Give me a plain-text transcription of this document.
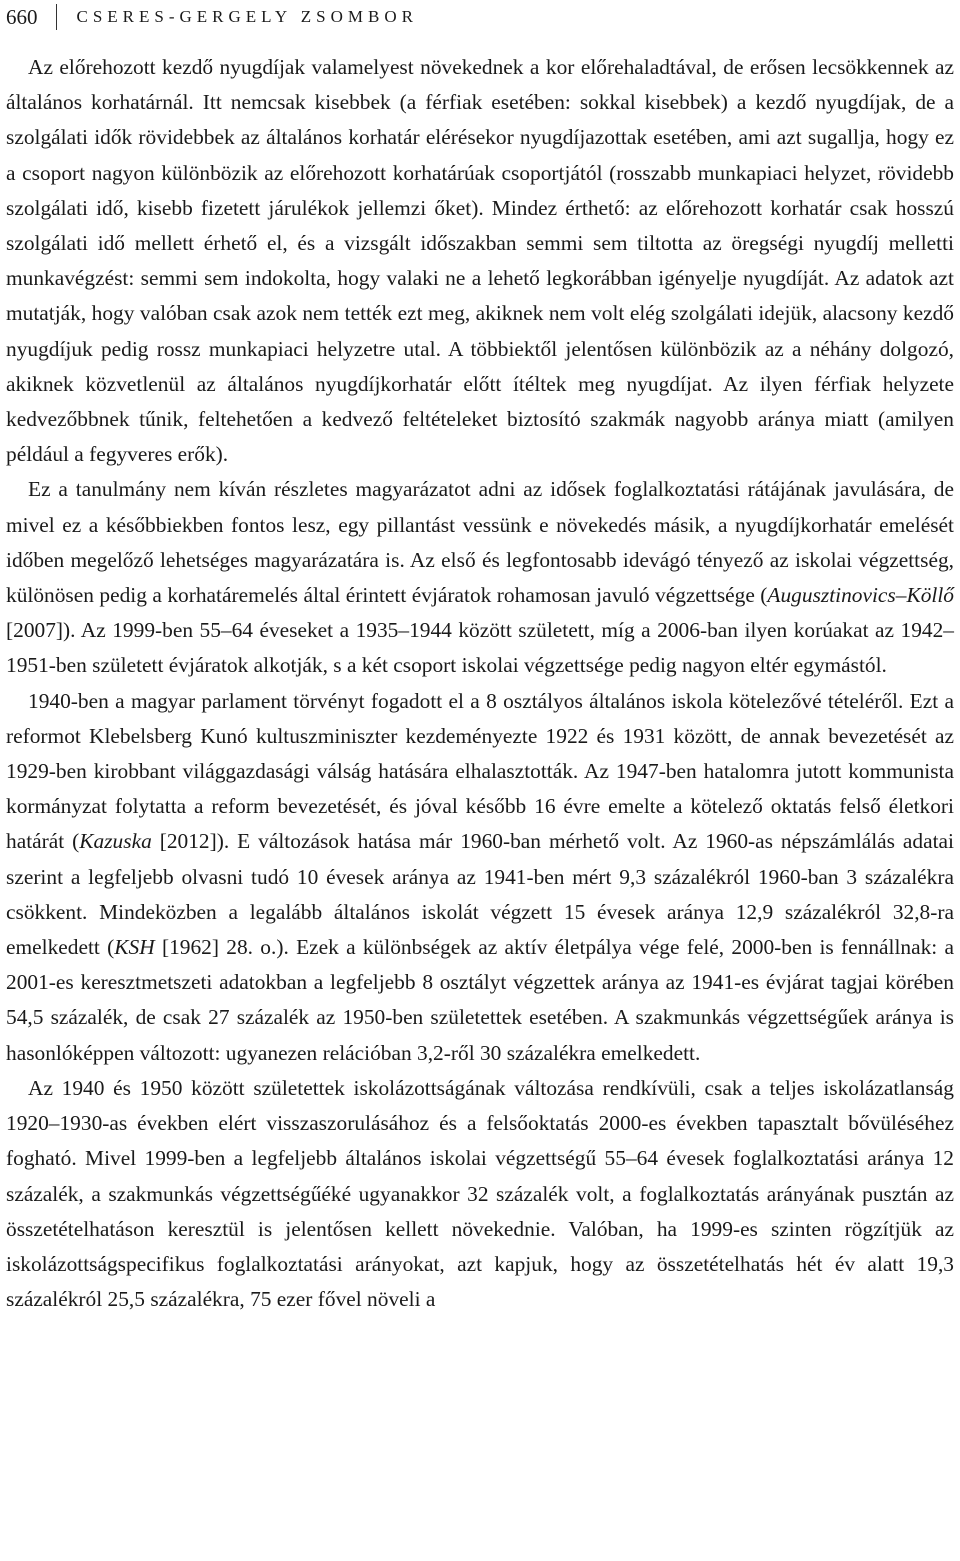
660	CSERES-GERGELY ZSOMBOR

Az előrehozott kezdő nyugdíjak valamelyest növekednek a kor előrehaladtával, de erősen lecsökkennek az általános korhatárnál. Itt nemcsak kisebbek (a férfiak esetében: sokkal kisebbek) a kezdő nyugdíjak, de a szolgálati idők rövidebbek az általános korhatár elérésekor nyugdíjazottak esetében, ami azt sugallja, hogy ez a csoport nagyon különbözik az előrehozott korhatárúak csoportjától (rosszabb munkapiaci helyzet, rövidebb szolgálati idő, kisebb fizetett járulékok jellemzi őket). Mindez érthető: az előrehozott korhatár csak hosszú szolgálati idő mellett érhető el, és a vizsgált időszakban semmi sem tiltotta az öregségi nyugdíj melletti munkavégzést: semmi sem indokolta, hogy valaki ne a lehető legkorábban igényelje nyugdíját. Az adatok azt mutatják, hogy valóban csak azok nem tették ezt meg, akiknek nem volt elég szolgálati idejük, alacsony kezdő nyugdíjuk pedig rossz munkapiaci helyzetre utal. A többiektől jelentősen különbözik az a néhány dolgozó, akiknek közvetlenül az általános nyugdíjkorhatár előtt ítéltek meg nyugdíjat. Az ilyen férfiak helyzete kedvezőbbnek tűnik, feltehetően a kedvező feltételeket biztosító szakmák nagyobb aránya miatt (amilyen például a fegyveres erők).

Ez a tanulmány nem kíván részletes magyarázatot adni az idősek foglalkoztatási rátájának javulására, de mivel ez a későbbiekben fontos lesz, egy pillantást vessünk e növekedés másik, a nyugdíjkorhatár emelését időben megelőző lehetséges magyarázatára is. Az első és legfontosabb idevágó tényező az iskolai végzettség, különösen pedig a korhatáremelés által érintett évjáratok rohamosan javuló végzettsége (Augusztinovics–Köllő [2007]). Az 1999-ben 55–64 éveseket a 1935–1944 között született, míg a 2006-ban ilyen korúakat az 1942–1951-ben született évjáratok alkotják, s a két csoport iskolai végzettsége pedig nagyon eltér egymástól.

1940-ben a magyar parlament törvényt fogadott el a 8 osztályos általános iskola kötelezővé tételéről. Ezt a reformot Klebelsberg Kunó kultuszminiszter kezdeményezte 1922 és 1931 között, de annak bevezetését az 1929-ben kirobbant világgazdasági válság hatására elhalasztották. Az 1947-ben hatalomra jutott kommunista kormányzat folytatta a reform bevezetését, és jóval később 16 évre emelte a kötelező oktatás felső életkori határát (Kazuska [2012]). E változások hatása már 1960-ban mérhető volt. Az 1960-as népszámlálás adatai szerint a legfeljebb olvasni tudó 10 évesek aránya az 1941-ben mért 9,3 százalékról 1960-ban 3 százalékra csökkent. Mindeközben a legalább általános iskolát végzett 15 évesek aránya 12,9 százalékról 32,8-ra emelkedett (KSH [1962] 28. o.). Ezek a különbségek az aktív életpálya vége felé, 2000-ben is fennállnak: a 2001-es keresztmetszeti adatokban a legfeljebb 8 osztályt végzettek aránya az 1941-es évjárat tagjai körében 54,5 százalék, de csak 27 százalék az 1950-ben születettek esetében. A szakmunkás végzettségűek aránya is hasonlóképpen változott: ugyanezen relációban 3,2-ről 30 százalékra emelkedett.

Az 1940 és 1950 között születettek iskolázottságának változása rendkívüli, csak a teljes iskolázatlanság 1920–1930-as években elért visszaszorulásához és a felsőoktatás 2000-es években tapasztalt bővüléséhez fogható. Mivel 1999-ben a legfeljebb általános iskolai végzettségű 55–64 évesek foglalkoztatási aránya 12 százalék, a szakmunkás végzettségűéké ugyanakkor 32 százalék volt, a foglalkoztatás arányának pusztán az összetételhatáson keresztül is jelentősen kellett növekednie. Valóban, ha 1999-es szinten rögzítjük az iskolázottságspecifikus foglalkoztatási arányokat, azt kapjuk, hogy az összetételhatás hét év alatt 19,3 százalékról 25,5 százalékra, 75 ezer fővel növeli a
